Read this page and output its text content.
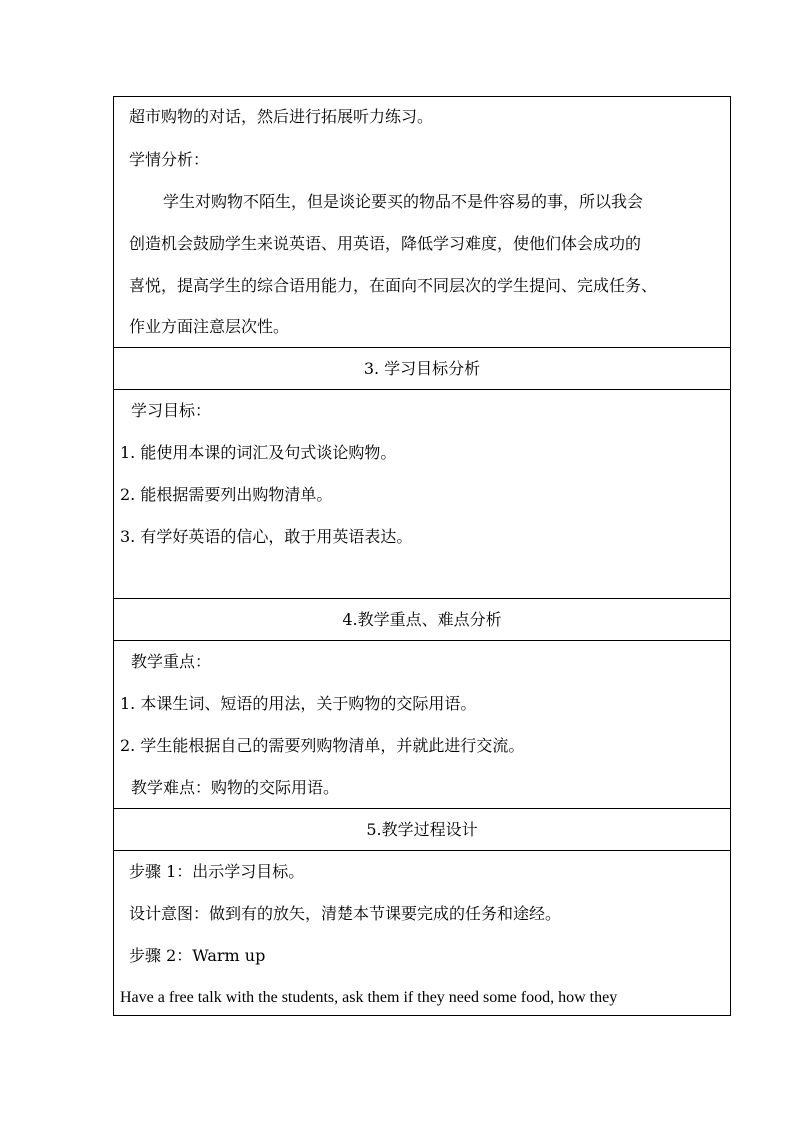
超市购物的对话，然后进行拓展听力练习。
学情分析：
学生对购物不陌生，但是谈论要买的物品不是件容易的事，所以我会
创造机会鼓励学生来说英语、用英语，降低学习难度，使他们体会成功的
喜悦，提高学生的综合语用能力，在面向不同层次的学生提问、完成任务、
作业方面注意层次性。
3. 学习目标分析
学习目标：
1. 能使用本课的词汇及句式谈论购物。
2. 能根据需要列出购物清单。
3. 有学好英语的信心，敢于用英语表达。
4.教学重点、难点分析
教学重点：
1. 本课生词、短语的用法，关于购物的交际用语。
2. 学生能根据自己的需要列购物清单，并就此进行交流。
教学难点：购物的交际用语。
5.教学过程设计
步骤 1：出示学习目标。
设计意图：做到有的放矢，清楚本节课要完成的任务和途经。
步骤 2：Warm up
Have a free talk with the students, ask them if they need some food, how they
